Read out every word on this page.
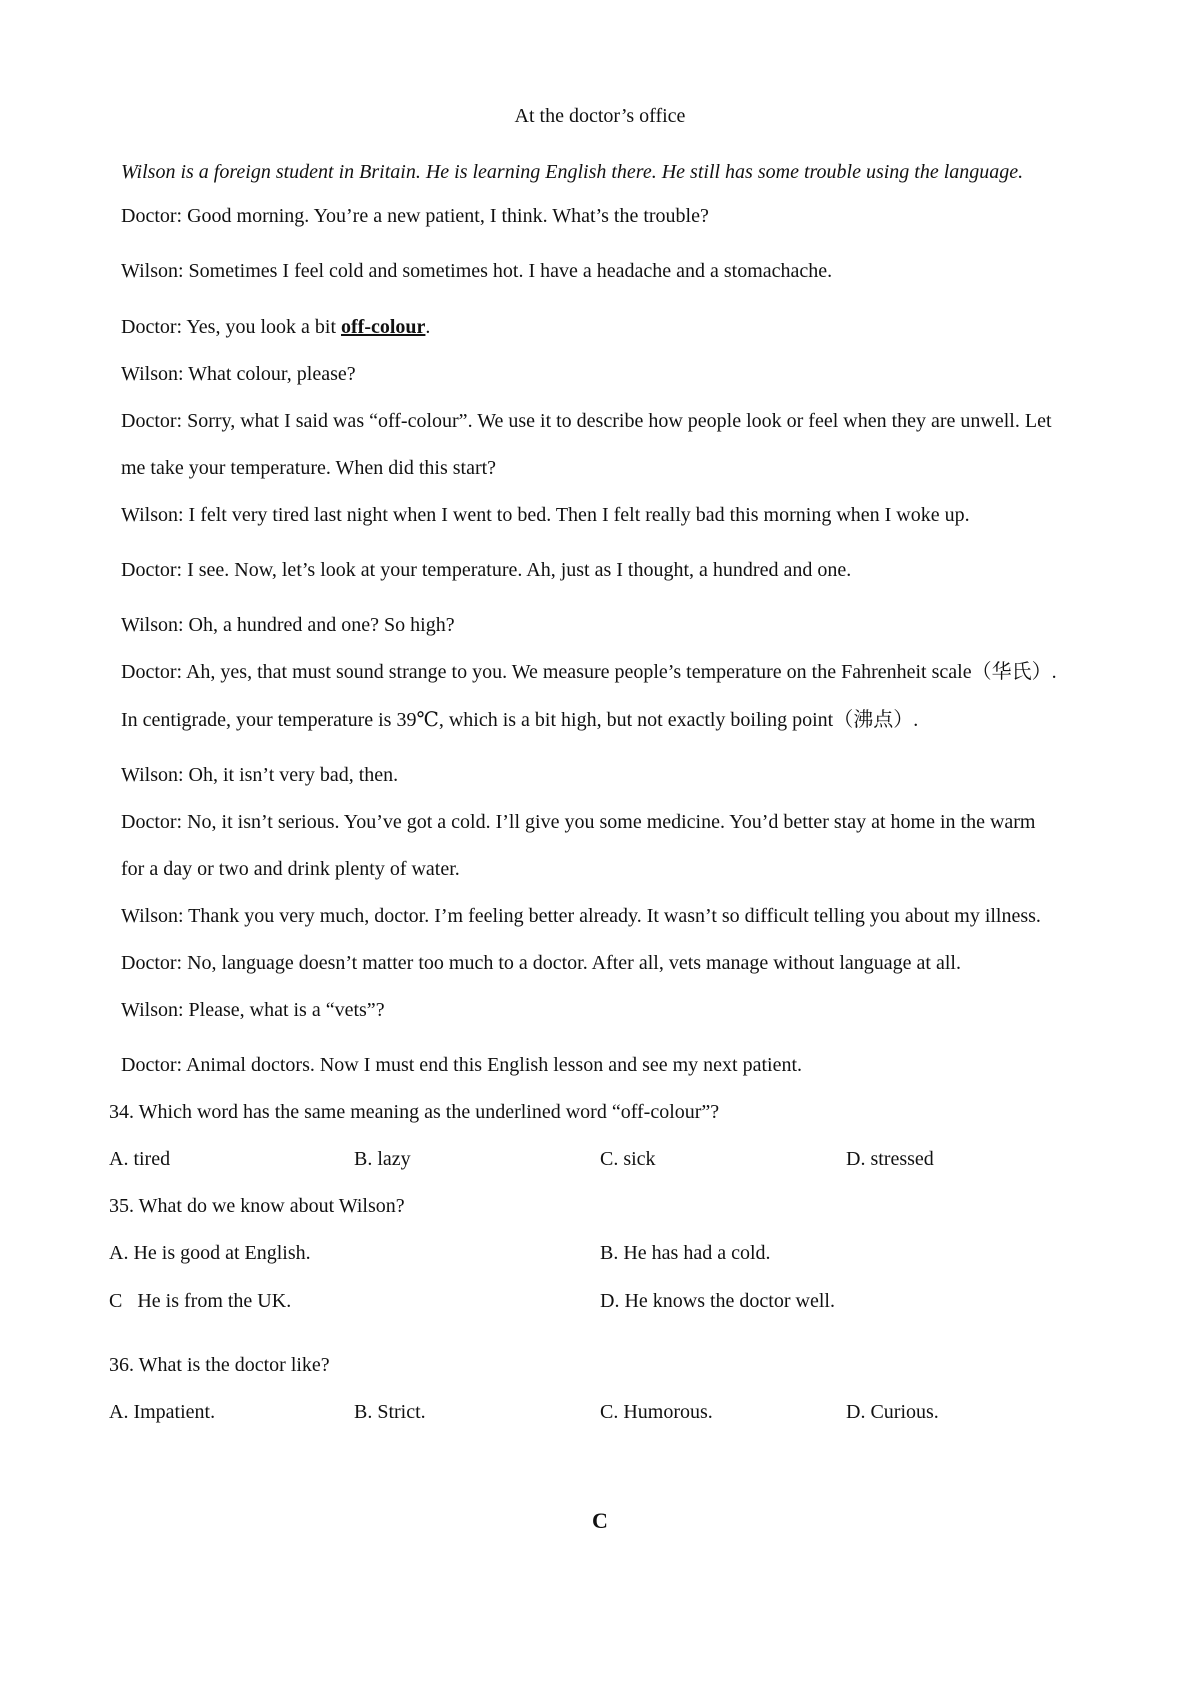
At the doctor’s office
Wilson is a foreign student in Britain. He is learning English there. He still has some trouble using the language.
Doctor: Good morning. You’re a new patient, I think. What’s the trouble?
Wilson: Sometimes I feel cold and sometimes hot. I have a headache and a stomachache.
Doctor: Yes, you look a bit off-colour.
Wilson: What colour, please?
Doctor: Sorry, what I said was “off-colour”. We use it to describe how people look or feel when they are unwell. Let
me take your temperature. When did this start?
Wilson: I felt very tired last night when I went to bed. Then I felt really bad this morning when I woke up.
Doctor: I see. Now, let’s look at your temperature. Ah, just as I thought, a hundred and one.
Wilson: Oh, a hundred and one? So high?
Doctor: Ah, yes, that must sound strange to you. We measure people’s temperature on the Fahrenheit scale（华氏）.
In centigrade, your temperature is 39℃, which is a bit high, but not exactly boiling point（沸点）.
Wilson: Oh, it isn’t very bad, then.
Doctor: No, it isn’t serious. You’ve got a cold. I’ll give you some medicine. You’d better stay at home in the warm
for a day or two and drink plenty of water.
Wilson: Thank you very much, doctor. I’m feeling better already. It wasn’t so difficult telling you about my illness.
Doctor: No, language doesn’t matter too much to a doctor. After all, vets manage without language at all.
Wilson: Please, what is a “vets”?
Doctor: Animal doctors. Now I must end this English lesson and see my next patient.
34. Which word has the same meaning as the underlined word “off-colour”?
A. tired	B. lazy	C. sick	D. stressed
35. What do we know about Wilson?
A. He is good at English.	B. He has had a cold.
C   He is from the UK.	D. He knows the doctor well.
36. What is the doctor like?
A. Impatient.	B. Strict.	C. Humorous.	D. Curious.
C
